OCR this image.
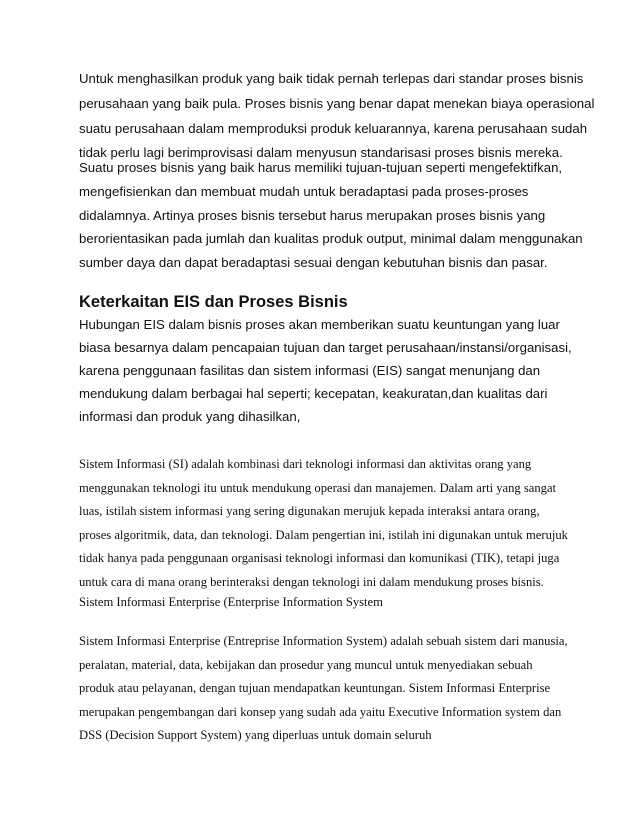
Untuk menghasilkan produk yang baik tidak pernah terlepas dari standar proses bisnis

perusahaan yang baik pula. Proses bisnis yang benar dapat menekan biaya operasional

suatu perusahaan dalam memproduksi produk keluarannya, karena perusahaan sudah

tidak perlu lagi berimprovisasi dalam menyusun standarisasi proses bisnis mereka.

Suatu proses bisnis yang baik harus memiliki tujuan-tujuan seperti mengefektifkan,

mengefisienkan dan membuat mudah untuk beradaptasi pada proses-proses

didalamnya. Artinya proses bisnis tersebut harus merupakan proses bisnis yang

berorientasikan pada jumlah dan kualitas produk output, minimal dalam menggunakan

sumber daya dan dapat beradaptasi sesuai dengan kebutuhan bisnis dan pasar.

Keterkaitan EIS dan Proses Bisnis

Hubungan EIS dalam bisnis proses akan memberikan suatu keuntungan yang luar

biasa besarnya dalam pencapaian tujuan dan target perusahaan/instansi/organisasi,

karena penggunaan fasilitas dan sistem informasi (EIS) sangat menunjang dan

mendukung dalam berbagai hal seperti; kecepatan, keakuratan,dan kualitas dari

informasi dan produk yang dihasilkan,

Sistem Informasi (SI) adalah kombinasi dari teknologi informasi dan aktivitas orang yang

menggunakan teknologi itu untuk mendukung operasi dan manajemen. Dalam arti yang sangat

luas, istilah sistem informasi yang sering digunakan merujuk kepada interaksi antara orang,

proses algoritmik, data, dan teknologi. Dalam pengertian ini, istilah ini digunakan untuk merujuk

tidak hanya pada penggunaan organisasi teknologi informasi dan komunikasi (TIK), tetapi juga

untuk cara di mana orang berinteraksi dengan teknologi ini dalam mendukung proses bisnis.

Sistem Informasi Enterprise (Enterprise Information System

Sistem Informasi Enterprise (Entreprise Information System) adalah sebuah sistem dari manusia,

peralatan, material, data, kebijakan dan prosedur yang muncul untuk menyediakan sebuah

produk atau pelayanan, dengan tujuan mendapatkan keuntungan. Sistem Informasi Enterprise

merupakan pengembangan dari konsep yang sudah ada yaitu Executive Information system dan

DSS (Decision Support System) yang diperluas untuk domain seluruh
